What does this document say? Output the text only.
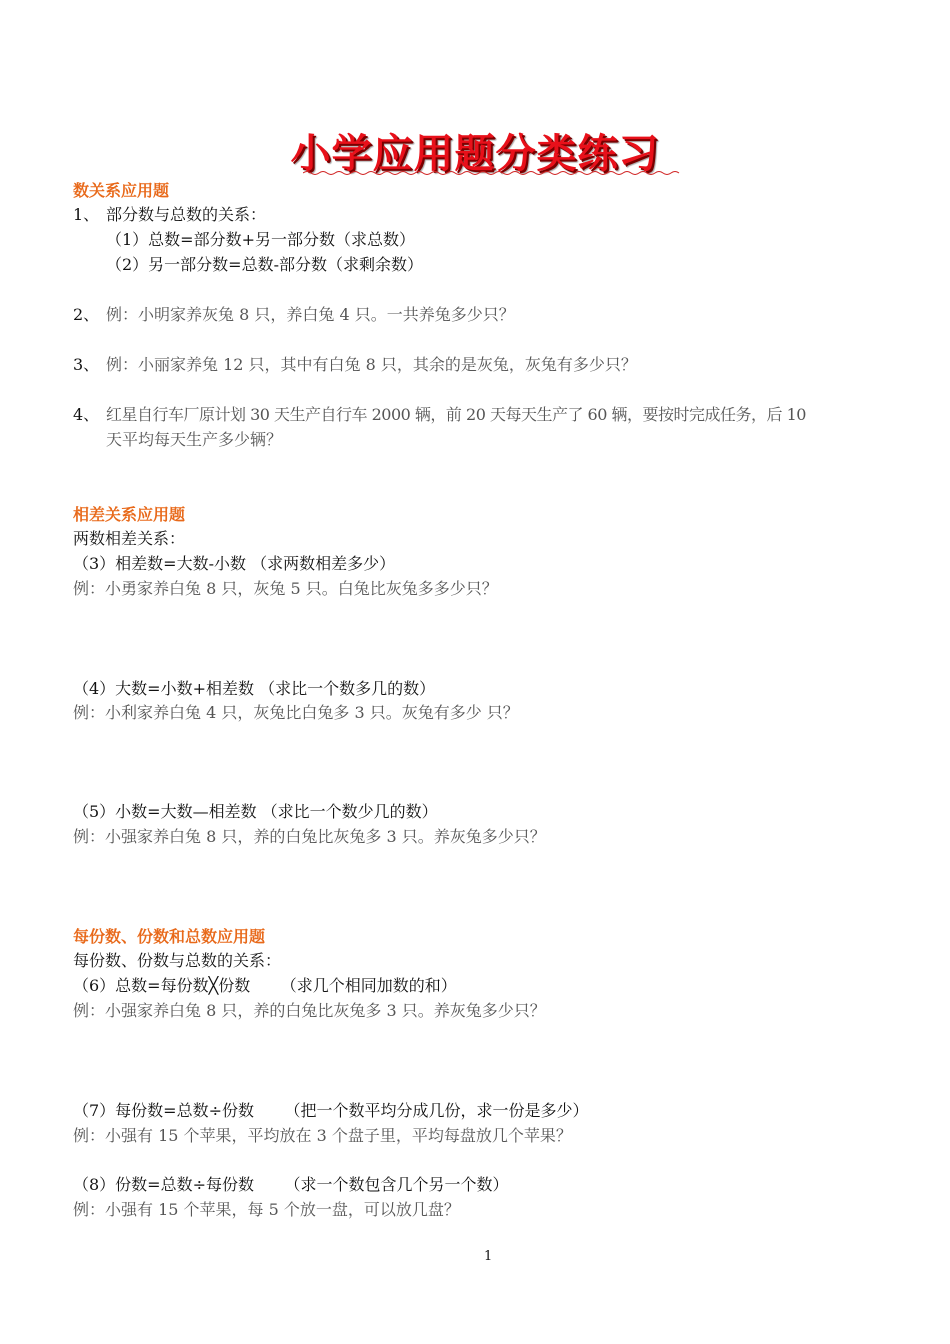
小学应用题分类练习
数关系应用题
1、 部分数与总数的关系：
（1）总数=部分数+另一部分数（求总数）
（2）另一部分数=总数-部分数（求剩余数）
2、 例：小明家养灰兔 8 只，养白兔 4 只。一共养兔多少只？
3、 例：小丽家养兔 12 只，其中有白兔 8 只，其余的是灰兔，灰兔有多少只？
4、 红星自行车厂原计划 30 天生产自行车 2000 辆，前 20 天每天生产了 60 辆，要按时完成任务，后 10
天平均每天生产多少辆？
相差关系应用题
两数相差关系：
（3）相差数=大数-小数 （求两数相差多少）
例：小勇家养白兔 8 只，灰兔 5 只。白兔比灰兔多多少只？
（4）大数=小数+相差数 （求比一个数多几的数）
例：小利家养白兔 4 只，灰兔比白兔多 3 只。灰兔有多少 只？
（5）小数=大数—相差数 （求比一个数少几的数）
例：小强家养白兔 8 只，养的白兔比灰兔多 3 只。养灰兔多少只？
每份数、份数和总数应用题
每份数、份数与总数的关系：
（6）总数=每份数╳份数      （求几个相同加数的和）
例：小强家养白兔 8 只，养的白兔比灰兔多 3 只。养灰兔多少只？
（7）每份数=总数÷份数      （把一个数平均分成几份，求一份是多少）
例：小强有 15 个苹果，平均放在 3 个盘子里，平均每盘放几个苹果？
（8）份数=总数÷每份数      （求一个数包含几个另一个数）
例：小强有 15 个苹果，每 5 个放一盘，可以放几盘？
1
